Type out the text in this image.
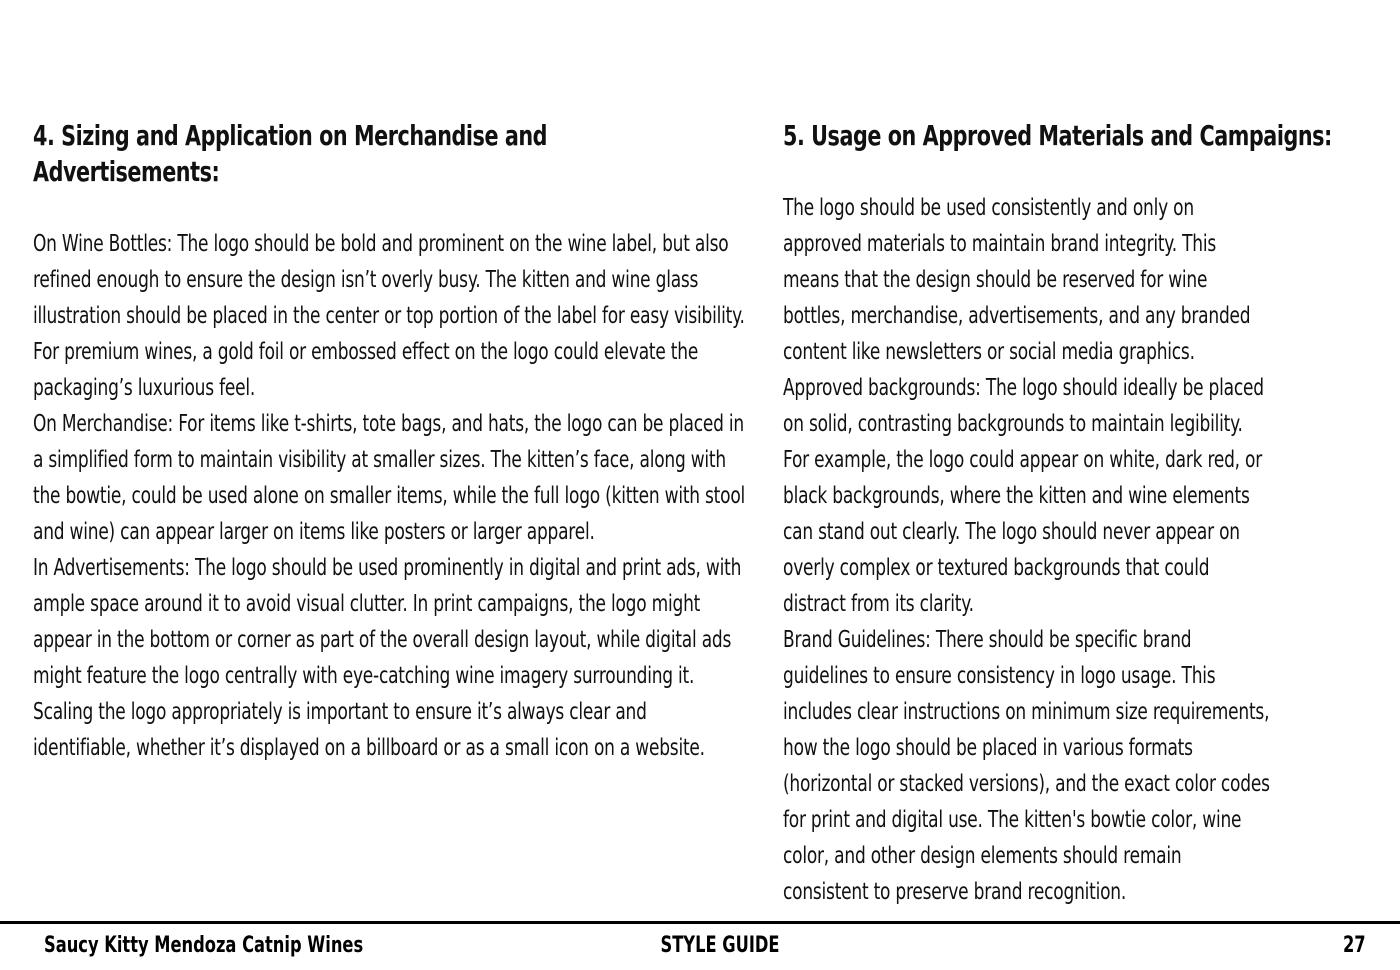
4. Sizing and Application on Merchandise and
Advertisements:

On Wine Bottles: The logo should be bold and prominent on the wine label, but also refined enough to ensure the design isn’t overly busy. The kitten and wine glass illustration should be placed in the center or top portion of the label for easy visibility. For premium wines, a gold foil or embossed effect on the logo could elevate the packaging’s luxurious feel.

On Merchandise: For items like t-shirts, tote bags, and hats, the logo can be placed in a simplified form to maintain visibility at smaller sizes. The kitten’s face, along with the bowtie, could be used alone on smaller items, while the full logo (kitten with stool and wine) can appear larger on items like posters or larger apparel.

In Advertisements: The logo should be used prominently in digital and print ads, with ample space around it to avoid visual clutter. In print campaigns, the logo might appear in the bottom or corner as part of the overall design layout, while digital ads might feature the logo centrally with eye-catching wine imagery surrounding it. Scaling the logo appropriately is important to ensure it’s always clear and identifiable, whether it’s displayed on a billboard or as a small icon on a website.

5. Usage on Approved Materials and Campaigns:

The logo should be used consistently and only on approved materials to maintain brand integrity. This means that the design should be reserved for wine bottles, merchandise, advertisements, and any branded content like newsletters or social media graphics.

Approved backgrounds: The logo should ideally be placed on solid, contrasting backgrounds to maintain legibility. For example, the logo could appear on white, dark red, or black backgrounds, where the kitten and wine elements can stand out clearly. The logo should never appear on overly complex or textured backgrounds that could distract from its clarity.

Brand Guidelines: There should be specific brand guidelines to ensure consistency in logo usage. This includes clear instructions on minimum size requirements, how the logo should be placed in various formats (horizontal or stacked versions), and the exact color codes for print and digital use. The kitten's bowtie color, wine color, and other design elements should remain consistent to preserve brand recognition.

Saucy Kitty Mendoza Catnip Wines	STYLE GUIDE	27
